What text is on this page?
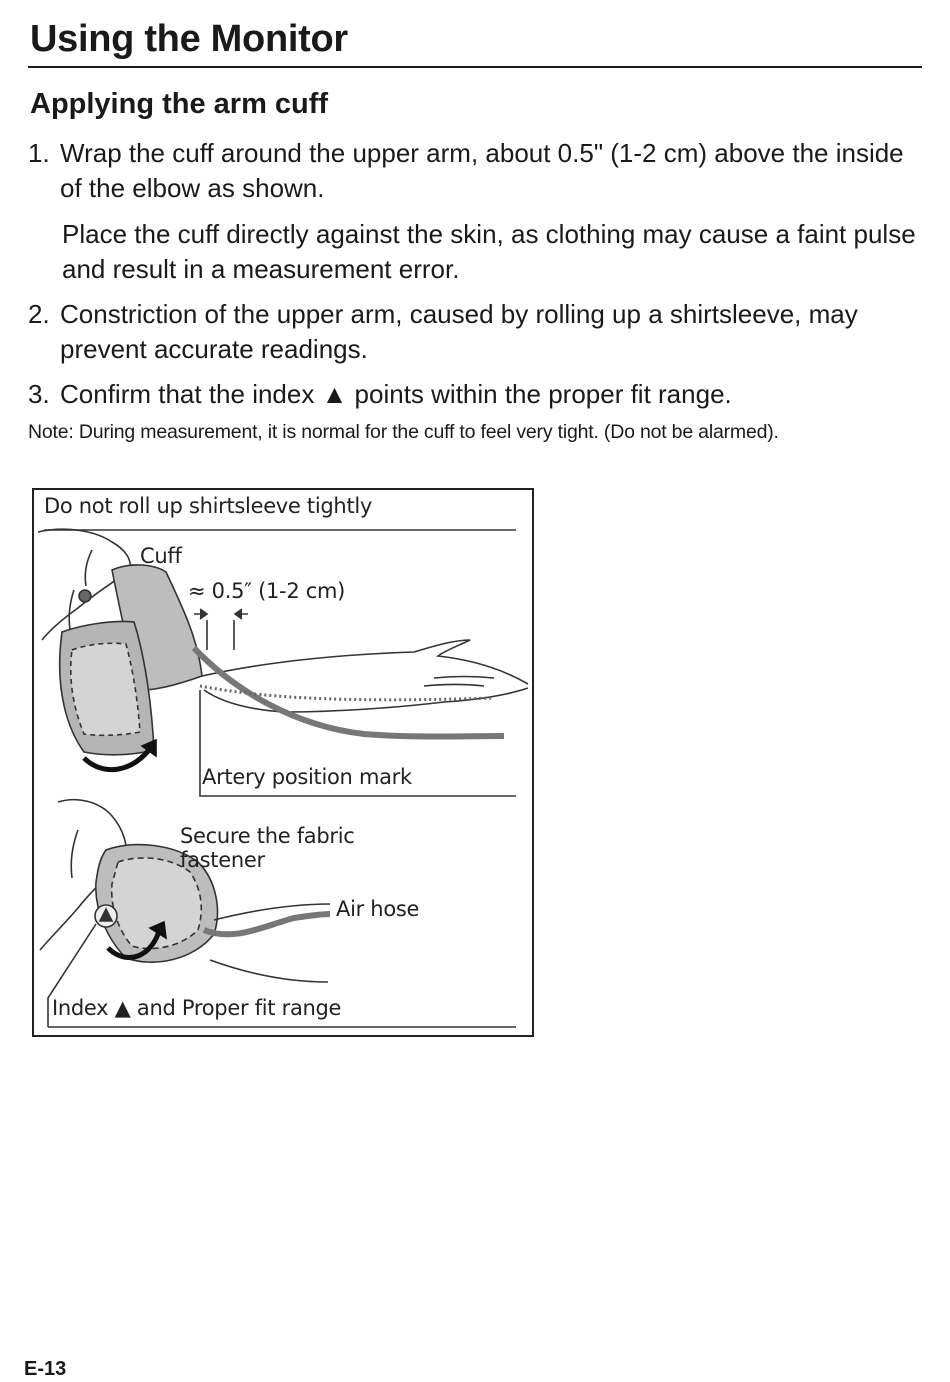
Using the Monitor
Applying the arm cuff
1. Wrap the cuff around the upper arm, about 0.5" (1-2 cm) above the inside of the elbow as shown.
Place the cuff directly against the skin, as clothing may cause a faint pulse and result in a measurement error.
2. Constriction of the upper arm, caused by rolling up a shirtsleeve, may prevent accurate readings.
3. Confirm that the index ▲ points within the proper fit range.
Note: During measurement, it is normal for the cuff to feel very tight. (Do not be alarmed).
Do not roll up shirtsleeve tightly
Cuff
≈ 0.5″ (1-2 cm)
Artery position mark
Secure the fabric fastener
Air hose
Index ▲ and Proper fit range
E-13
